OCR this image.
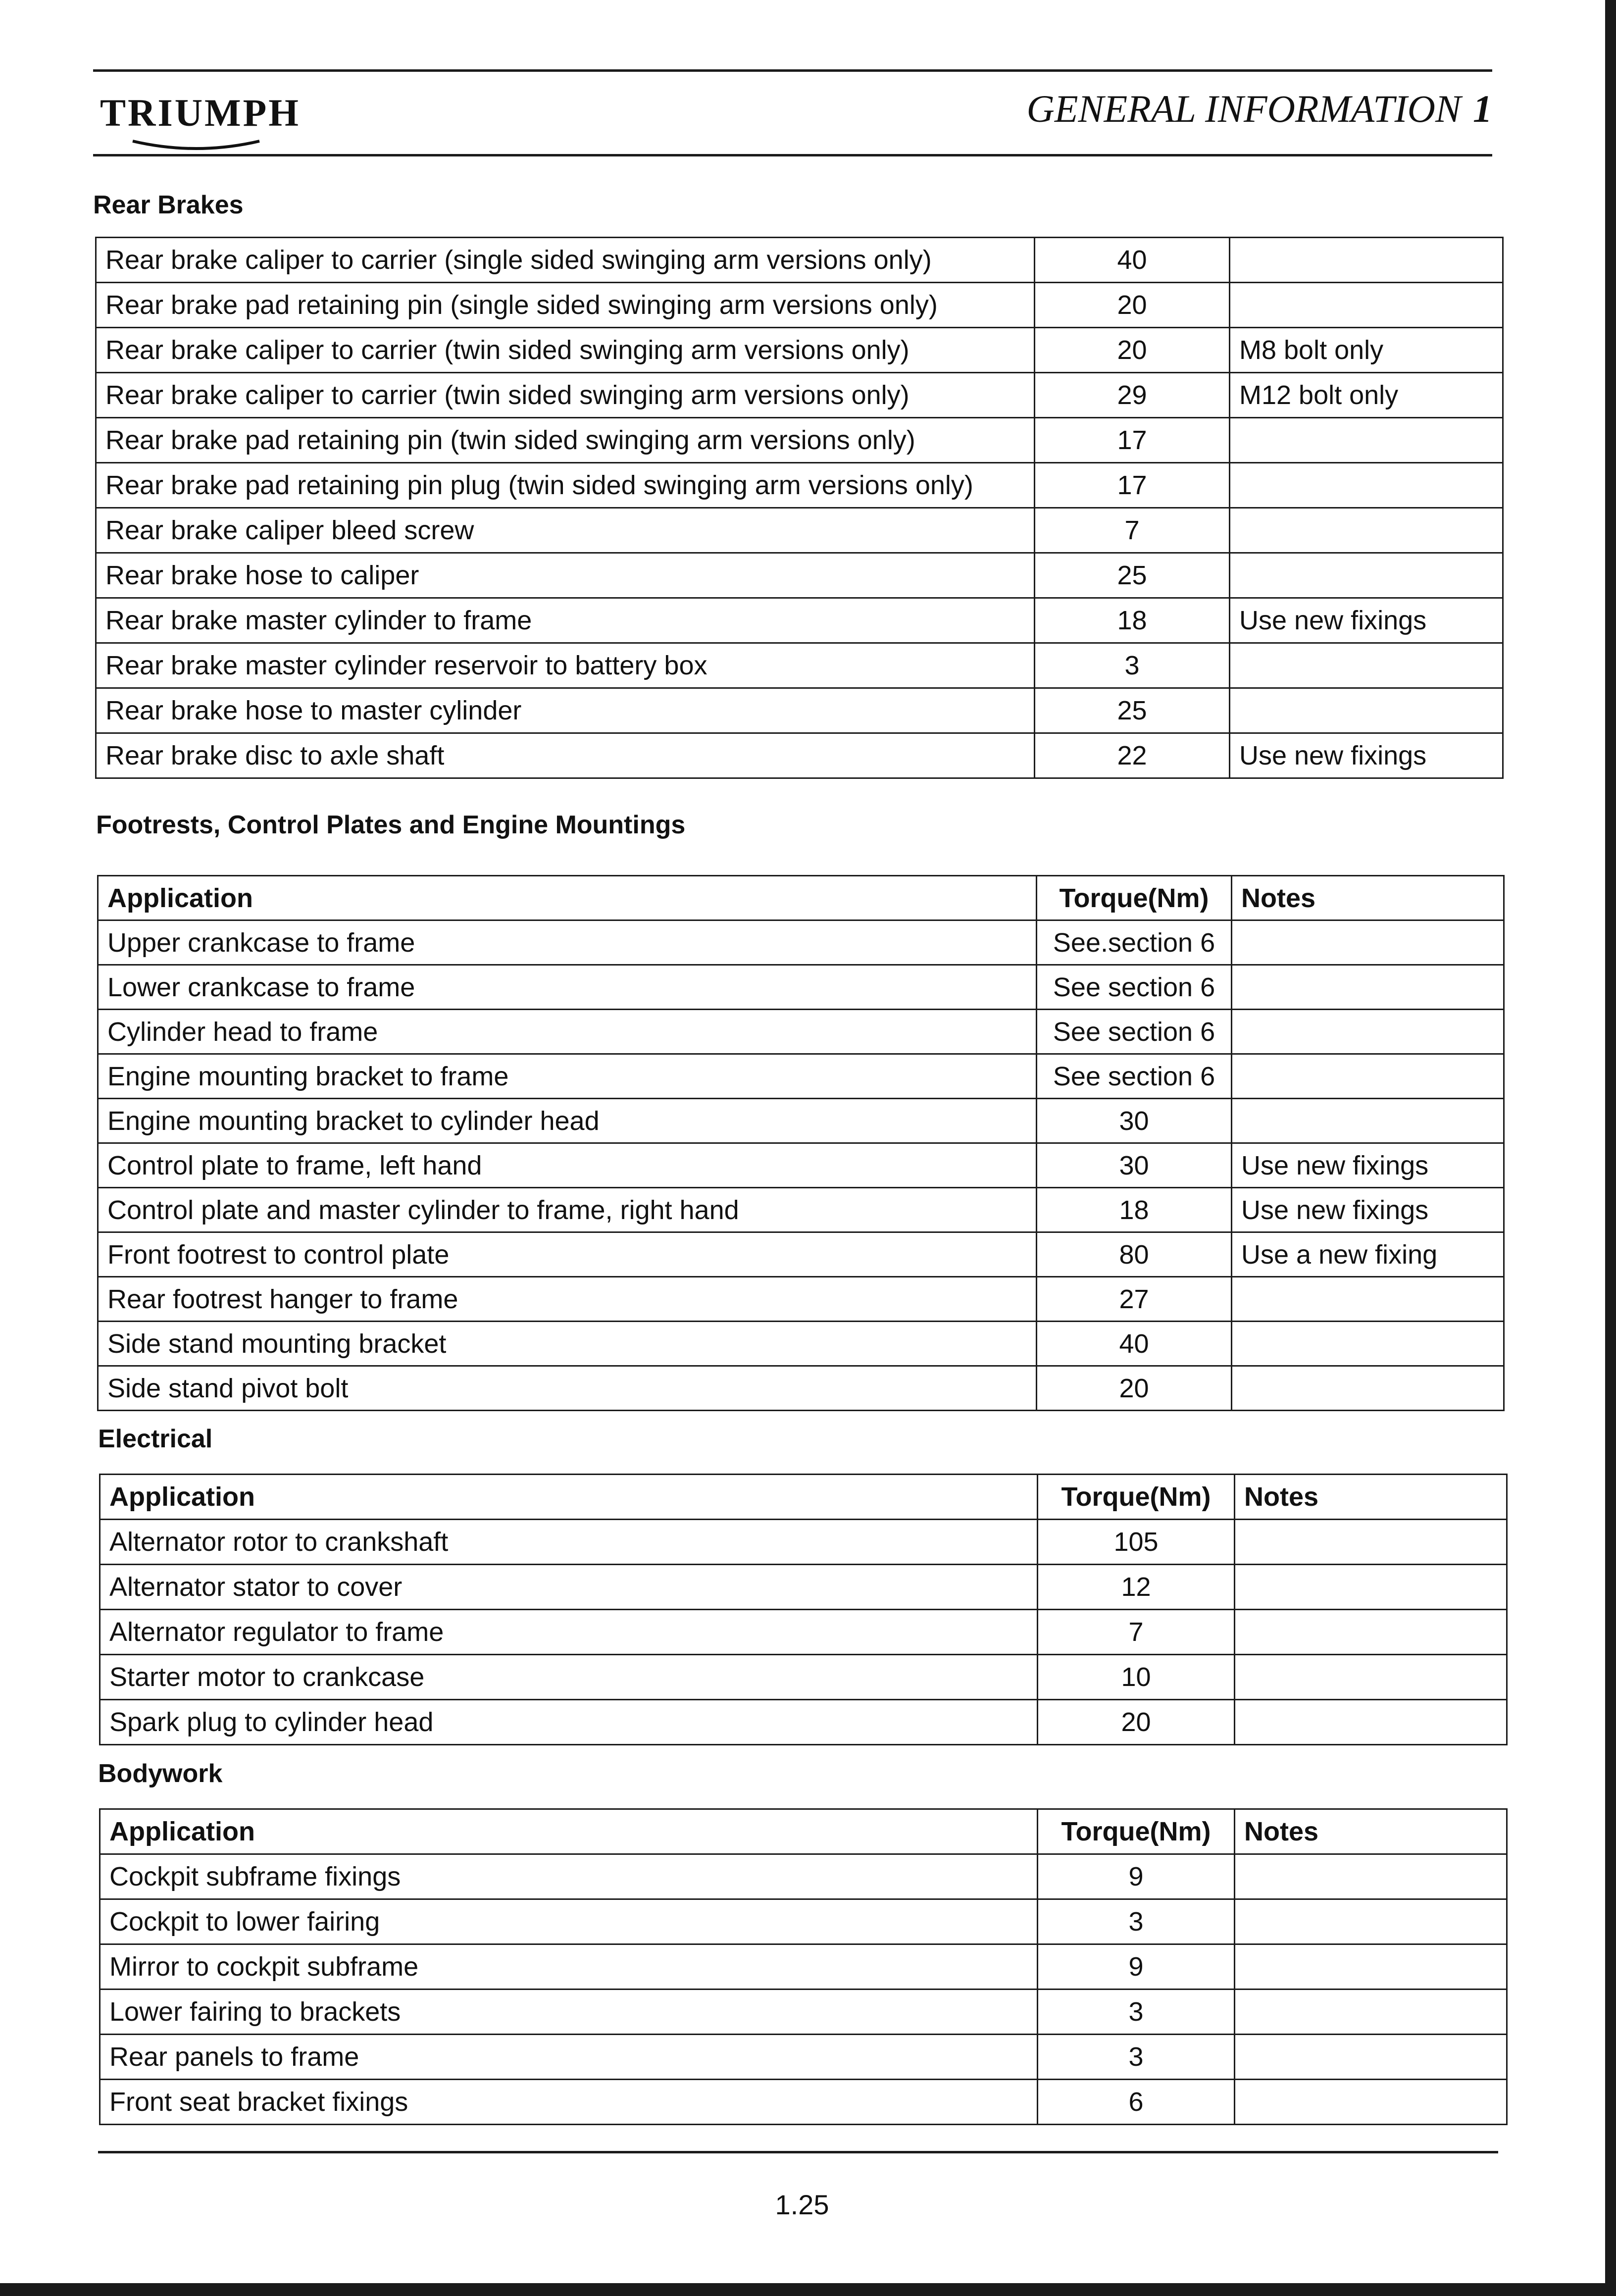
TRIUMPH	GENERAL INFORMATION 1
Rear Brakes
Rear brake caliper to carrier (single sided swinging arm versions only)	40	
Rear brake pad retaining pin (single sided swinging arm versions only)	20	
Rear brake caliper to carrier (twin sided swinging arm versions only)	20	M8 bolt only
Rear brake caliper to carrier (twin sided swinging arm versions only)	29	M12 bolt only
Rear brake pad retaining pin (twin sided swinging arm versions only)	17	
Rear brake pad retaining pin plug (twin sided swinging arm versions only)	17	
Rear brake caliper bleed screw	7	
Rear brake hose to caliper	25	
Rear brake master cylinder to frame	18	Use new fixings
Rear brake master cylinder reservoir to battery box	3	
Rear brake hose to master cylinder	25	
Rear brake disc to axle shaft	22	Use new fixings
Footrests, Control Plates and Engine Mountings
Application	Torque(Nm)	Notes
Upper crankcase to frame	See.section 6	
Lower crankcase to frame	See section 6	
Cylinder head to frame	See section 6	
Engine mounting bracket to frame	See section 6	
Engine mounting bracket to cylinder head	30	
Control plate to frame, left hand	30	Use new fixings
Control plate and master cylinder to frame, right hand	18	Use new fixings
Front footrest to control plate	80	Use a new fixing
Rear footrest hanger to frame	27	
Side stand mounting bracket	40	
Side stand pivot bolt	20	
Electrical
Application	Torque(Nm)	Notes
Alternator rotor to crankshaft	105	
Alternator stator to cover	12	
Alternator regulator to frame	7	
Starter motor to crankcase	10	
Spark plug to cylinder head	20	
Bodywork
Application	Torque(Nm)	Notes
Cockpit subframe fixings	9	
Cockpit to lower fairing	3	
Mirror to cockpit subframe	9	
Lower fairing to brackets	3	
Rear panels to frame	3	
Front seat bracket fixings	6	
1.25
